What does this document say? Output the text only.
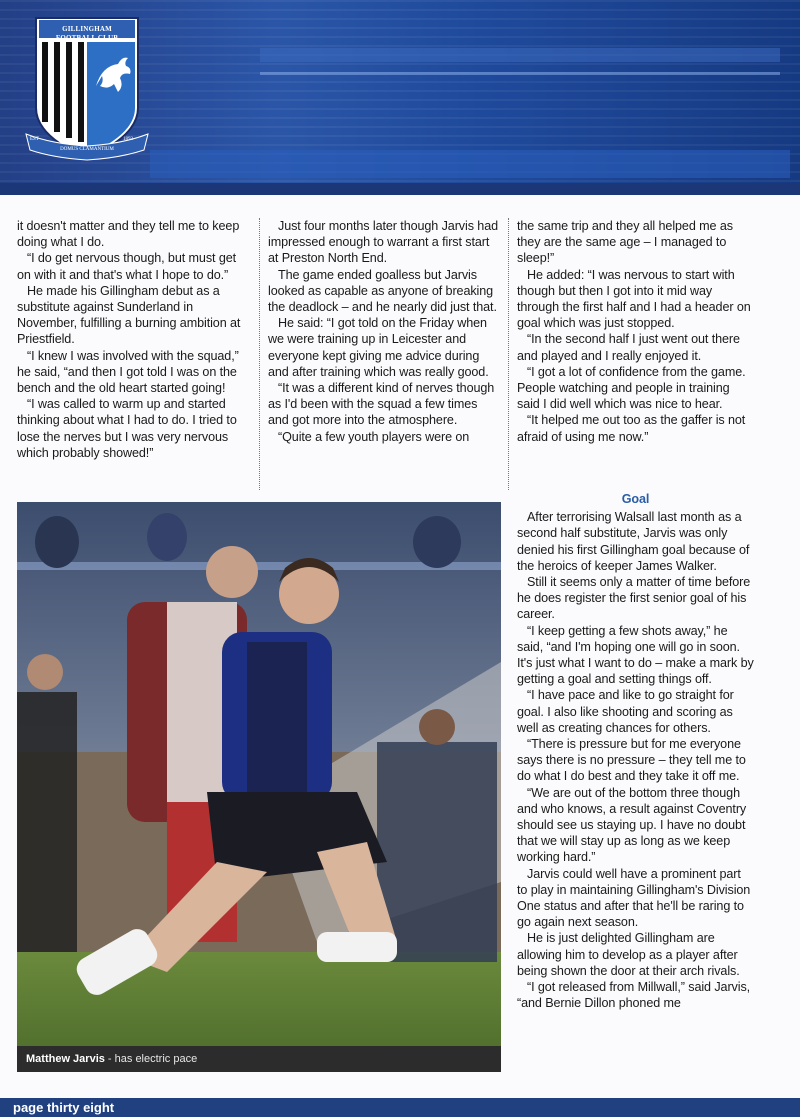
GILLINGHAM
FOOTBALL CLUB
EST	1893
DOMUS CLAMANTIUM

it doesn't matter and they tell me to keep doing what I do.

“I do get nervous though, but must get on with it and that's what I hope to do.”

He made his Gillingham debut as a substitute against Sunderland in November, fulfilling a burning ambition at Priestfield.

“I knew I was involved with the squad,” he said, “and then I got told I was on the bench and the old heart started going!

“I was called to warm up and started thinking about what I had to do. I tried to lose the nerves but I was very nervous which probably showed!”

Just four months later though Jarvis had impressed enough to warrant a first start at Preston North End.

The game ended goalless but Jarvis looked as capable as anyone of breaking the deadlock – and he nearly did just that.

He said: “I got told on the Friday when we were training up in Leicester and everyone kept giving me advice during and after training which was really good.

“It was a different kind of nerves though as I'd been with the squad a few times and got more into the atmosphere.

“Quite a few youth players were on

the same trip and they all helped me as they are the same age – I managed to sleep!”

He added: “I was nervous to start with though but then I got into it mid way through the first half and I had a header on goal which was just stopped.

“In the second half I just went out there and played and I really enjoyed it.

“I got a lot of confidence from the game. People watching and people in training said I did well which was nice to hear.

“It helped me out too as the gaffer is not afraid of using me now.”

Goal

After terrorising Walsall last month as a second half substitute, Jarvis was only denied his first Gillingham goal because of the heroics of keeper James Walker.

Still it seems only a matter of time before he does register the first senior goal of his career.

“I keep getting a few shots away,” he said, “and I'm hoping one will go in soon. It's just what I want to do – make a mark by getting a goal and setting things off.

“I have pace and like to go straight for goal. I also like shooting and scoring as well as creating chances for others.

“There is pressure but for me everyone says there is no pressure – they tell me to do what I do best and they take it off me.

“We are out of the bottom three though and who knows, a result against Coventry should see us staying up. I have no doubt that we will stay up as long as we keep working hard.”

Jarvis could well have a prominent part to play in maintaining Gillingham's Division One status and after that he'll be raring to go again next season.

He is just delighted Gillingham are allowing him to develop as a player after being shown the door at their arch rivals.

“I got released from Millwall,” said Jarvis, “and Bernie Dillon phoned me

Matthew Jarvis - has electric pace
page thirty eight
